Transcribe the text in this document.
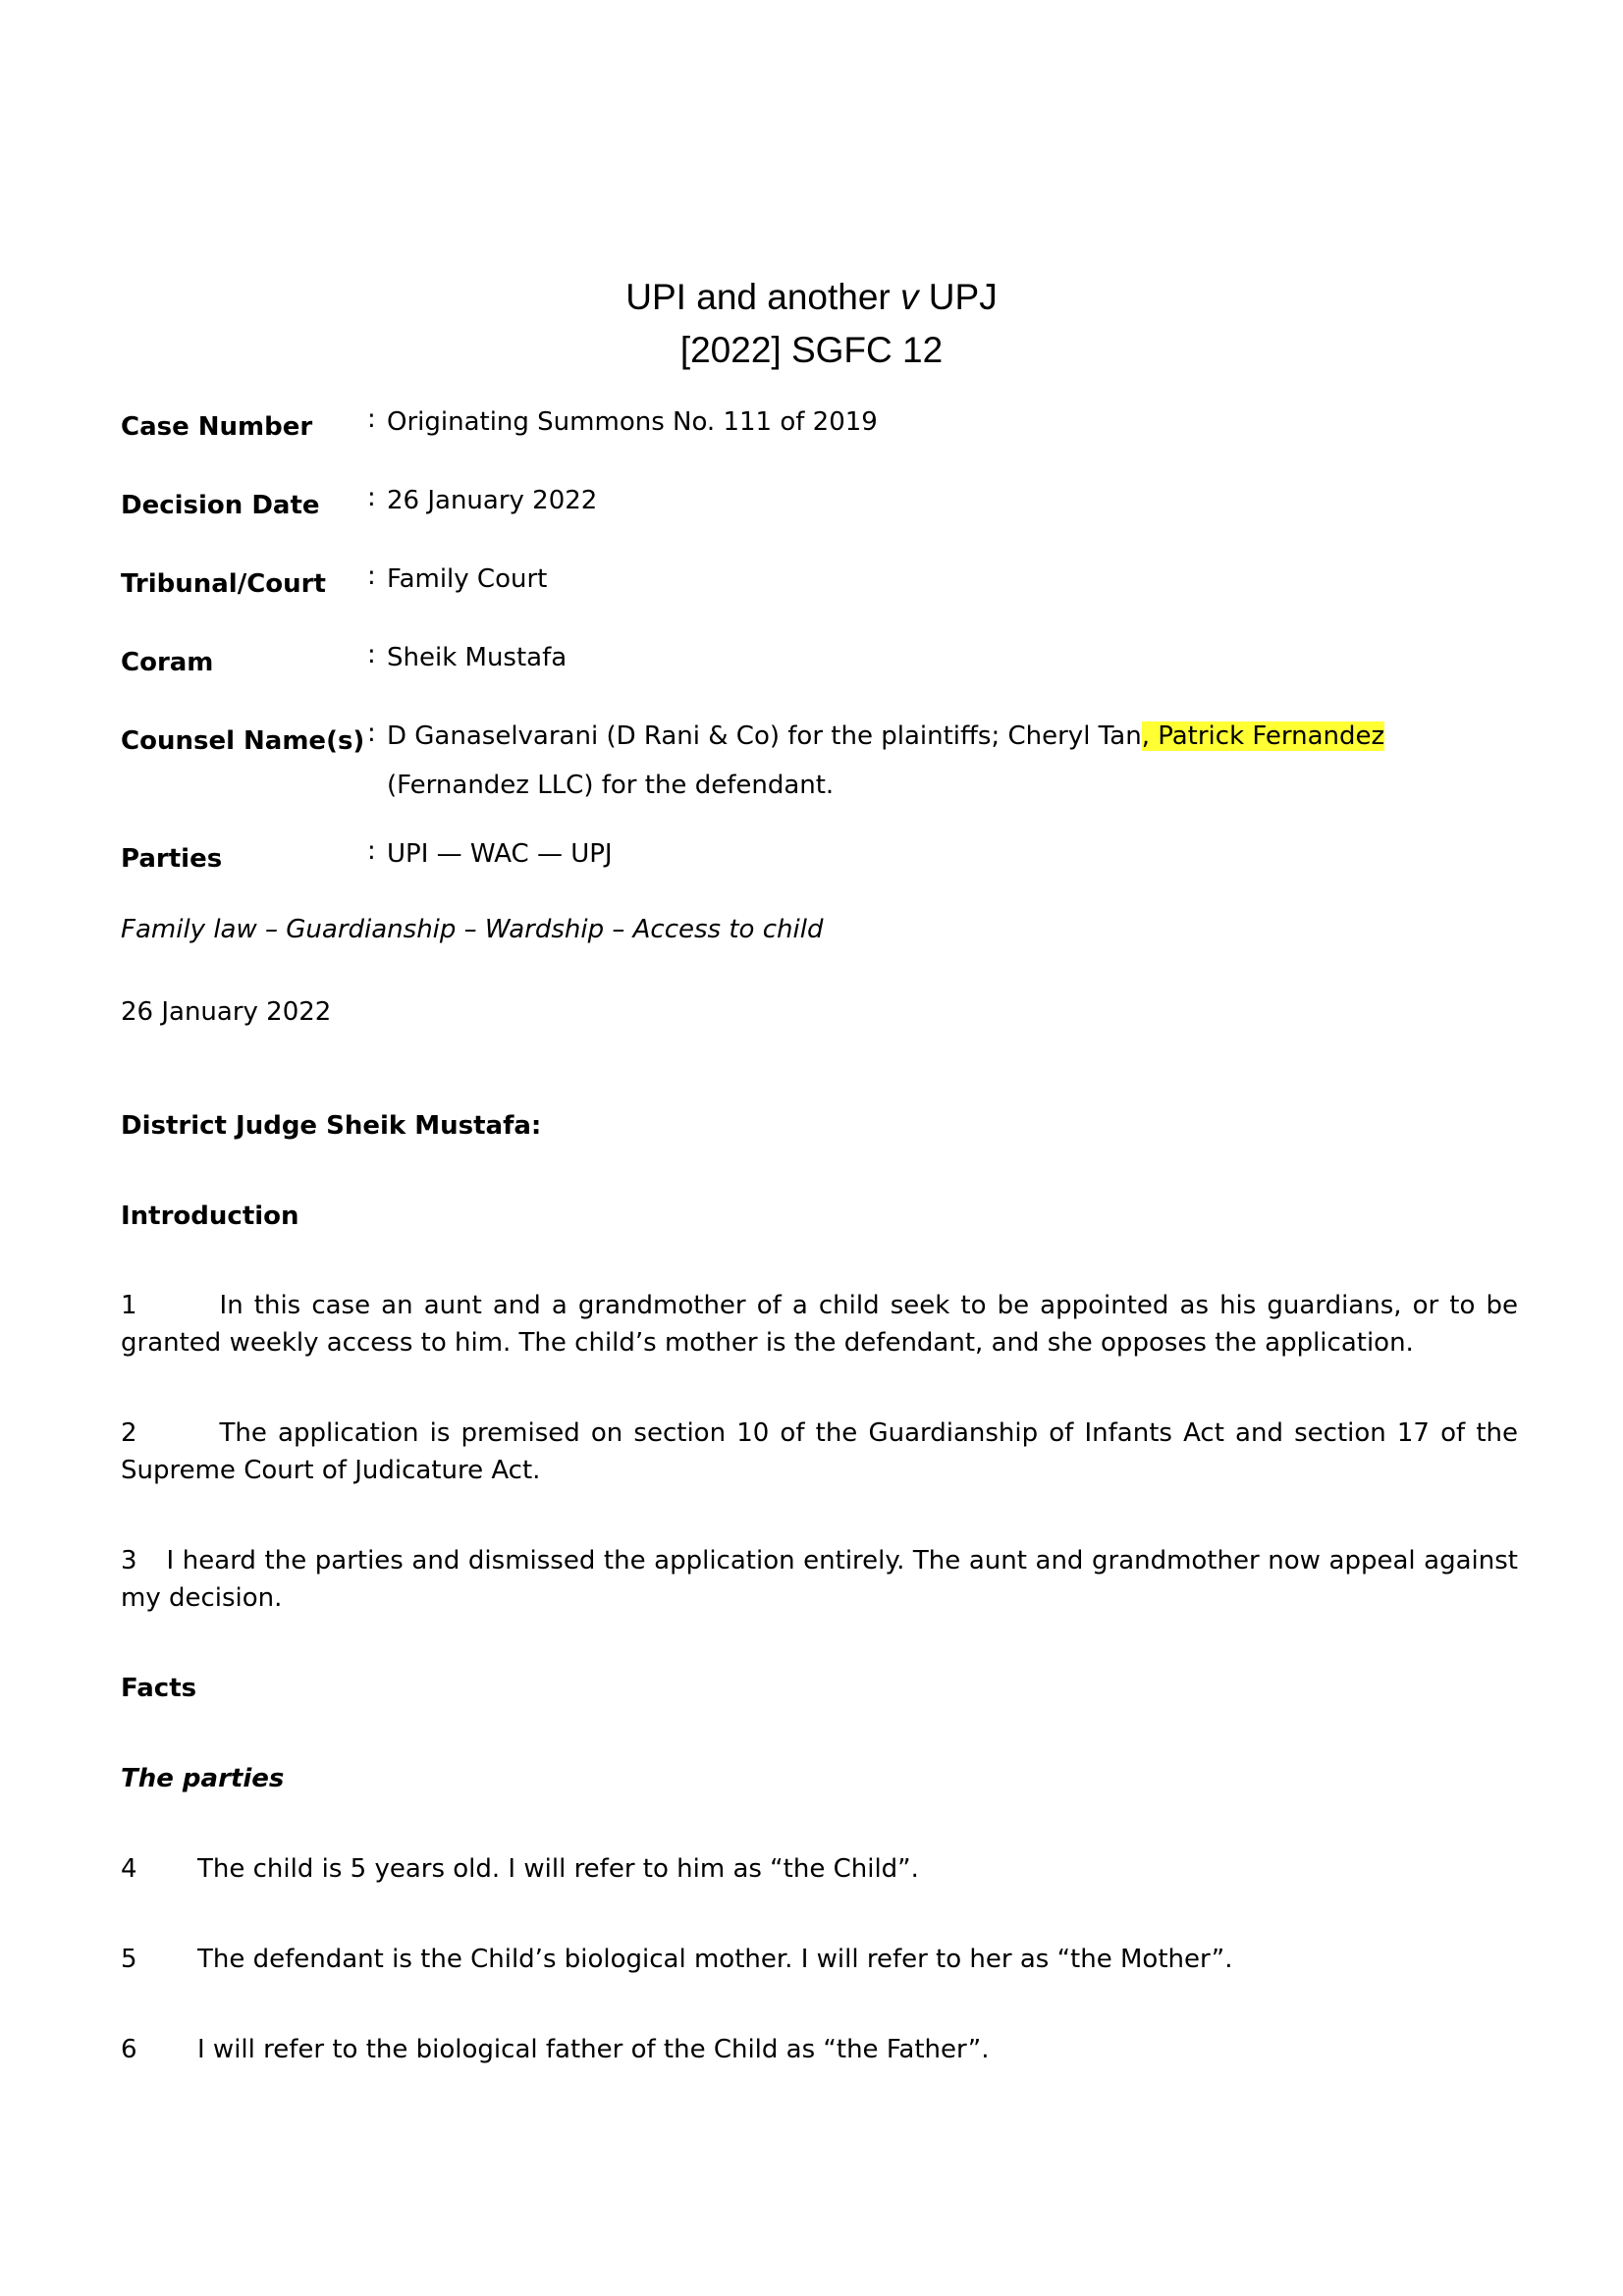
UPI and another v UPJ
[2022] SGFC 12
Case Number : Originating Summons No. 111 of 2019
Decision Date : 26 January 2022
Tribunal/Court : Family Court
Coram	: Sheik Mustafa
Counsel Name(s) : D Ganaselvarani (D Rani & Co) for the plaintiffs; Cheryl Tan, Patrick Fernandez
(Fernandez LLC) for the defendant.
Parties	: UPI — WAC — UPJ
Family law – Guardianship – Wardship – Access to child
26 January 2022
District Judge Sheik Mustafa:
Introduction
1	In this case an aunt and a grandmother of a child seek to be appointed as his guardians, or to be
granted weekly access to him. The child’s mother is the defendant, and she opposes the application.
2	The application is premised on section 10 of the Guardianship of Infants Act and section 17 of the
Supreme Court of Judicature Act.
3 I heard the parties and dismissed the application entirely. The aunt and grandmother now appeal against
my decision.
Facts
The parties
4 The child is 5 years old. I will refer to him as “the Child”.
5 The defendant is the Child’s biological mother. I will refer to her as “the Mother”.
6 I will refer to the biological father of the Child as “the Father”.
